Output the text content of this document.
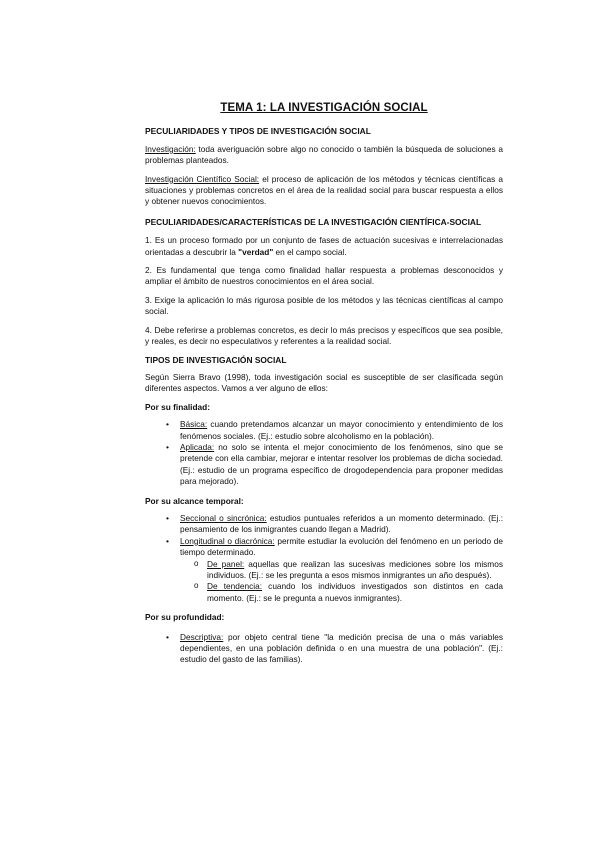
TEMA 1: LA INVESTIGACIÓN SOCIAL
PECULIARIDADES Y TIPOS DE INVESTIGACIÓN SOCIAL
Investigación: toda averiguación sobre algo no conocido o también la búsqueda de soluciones a problemas planteados.
Investigación Científico Social: el proceso de aplicación de los métodos y técnicas científicas a situaciones y problemas concretos en el área de la realidad social para buscar respuesta a ellos y obtener nuevos conocimientos.
PECULIARIDADES/CARACTERÍSTICAS DE LA INVESTIGACIÓN CIENTÍFICA-SOCIAL
1. Es un proceso formado por un conjunto de fases de actuación sucesivas e interrelacionadas orientadas a descubrir la "verdad" en el campo social.
2. Es fundamental que tenga como finalidad hallar respuesta a problemas desconocidos y ampliar el ámbito de nuestros conocimientos en el área social.
3. Exige la aplicación lo más rigurosa posible de los métodos y las técnicas científicas al campo social.
4. Debe referirse a problemas concretos, es decir lo más precisos y específicos que sea posible, y reales, es decir no especulativos y referentes a la realidad social.
TIPOS DE INVESTIGACIÓN SOCIAL
Según Sierra Bravo (1998), toda investigación social es susceptible de ser clasificada según diferentes aspectos. Vamos a ver alguno de ellos:
Por su finalidad:
• Básica: cuando pretendamos alcanzar un mayor conocimiento y entendimiento de los fenómenos sociales. (Ej.: estudio sobre alcoholismo en la población).
• Aplicada: no solo se intenta el mejor conocimiento de los fenómenos, sino que se pretende con ella cambiar, mejorar e intentar resolver los problemas de dicha sociedad. (Ej.: estudio de un programa específico de drogodependencia para proponer medidas para mejorado).
Por su alcance temporal:
• Seccional o sincrónica: estudios puntuales referidos a un momento determinado. (Ej.: pensamiento de los inmigrantes cuando llegan a Madrid).
• Longitudinal o diacrónica: permite estudiar la evolución del fenómeno en un periodo de tiempo determinado.
o De panel: aquellas que realizan las sucesivas mediciones sobre los mismos individuos. (Ej.: se les pregunta a esos mismos inmigrantes un año después).
o De tendencia: cuando los individuos investigados son distintos en cada momento. (Ej.: se le pregunta a nuevos inmigrantes).
Por su profundidad:
• Descriptiva: por objeto central tiene "la medición precisa de una o más variables dependientes, en una población definida o en una muestra de una población". (Ej.: estudio del gasto de las familias).
